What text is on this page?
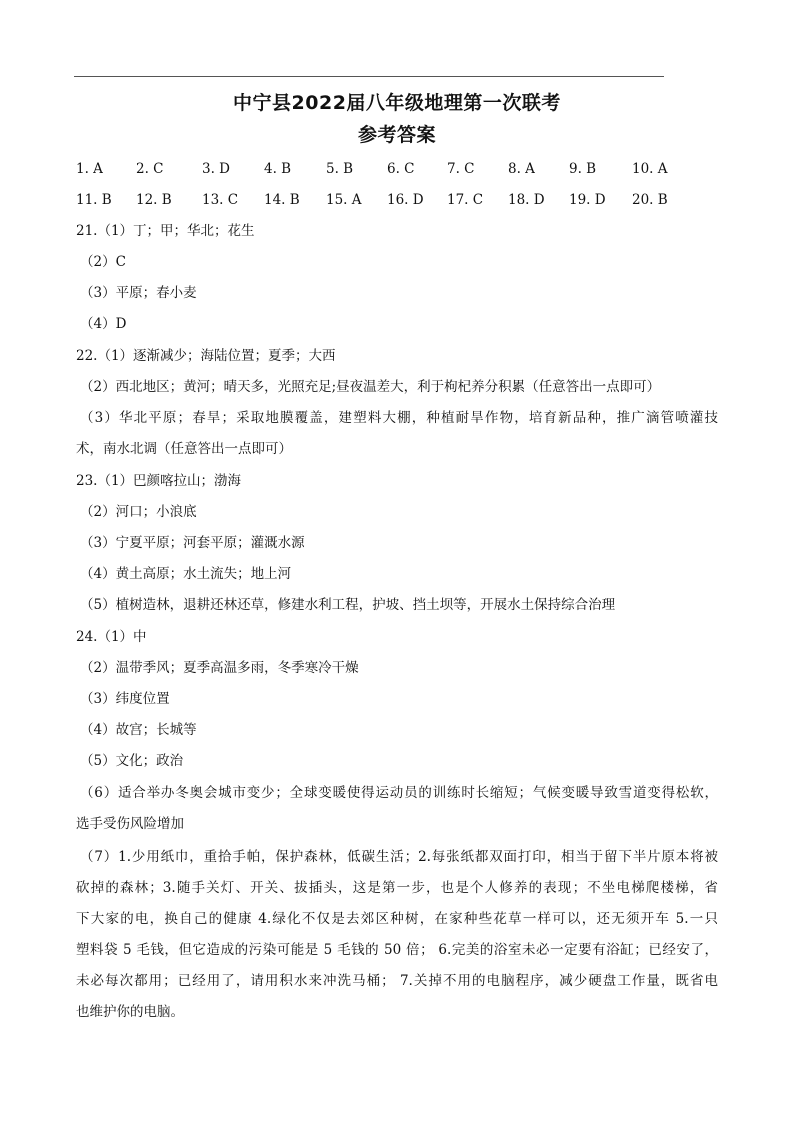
中宁县2022届八年级地理第一次联考
参考答案
1. A 2. C	3. D	4. B	5. B	6. C 7. C 8. A	9. B	10. A
11. B 12. B 13. C 14. B 15. A 16. D 17. C 18. D 19. D 20. B
21.（1）丁；甲；华北；花生
（2）C
（3）平原；春小麦
（4）D
22.（1）逐渐减少；海陆位置；夏季；大西
（2）西北地区；黄河；晴天多，光照充足;昼夜温差大，利于枸杞养分积累（任意答出一点即可）
（3）华北平原；春旱；采取地膜覆盖，建塑料大棚，种植耐旱作物，培育新品种，推广滴管喷灌技
术，南水北调（任意答出一点即可）
23.（1）巴颜喀拉山；渤海
（2）河口；小浪底
（3）宁夏平原；河套平原；灌溉水源
（4）黄土高原；水土流失；地上河
（5）植树造林，退耕还林还草，修建水利工程，护坡、挡土坝等，开展水土保持综合治理
24.（1）中
（2）温带季风；夏季高温多雨，冬季寒冷干燥
（3）纬度位置
（4）故宫；长城等
（5）文化；政治
（6）适合举办冬奥会城市变少；全球变暖使得运动员的训练时长缩短；气候变暖导致雪道变得松软，
选手受伤风险增加
（7）1.少用纸巾，重拾手帕，保护森林，低碳生活；2.每张纸都双面打印，相当于留下半片原本将被
砍掉的森林；3.随手关灯、开关、拔插头，这是第一步，也是个人修养的表现；不坐电梯爬楼梯，省
下大家的电，换自己的健康 4.绿化不仅是去郊区种树，在家种些花草一样可以，还无须开车 5.一只
塑料袋 5 毛钱，但它造成的污染可能是 5 毛钱的 50 倍； 6.完美的浴室未必一定要有浴缸；已经安了，
未必每次都用；已经用了，请用积水来冲洗马桶； 7.关掉不用的电脑程序，减少硬盘工作量，既省电
也维护你的电脑。
